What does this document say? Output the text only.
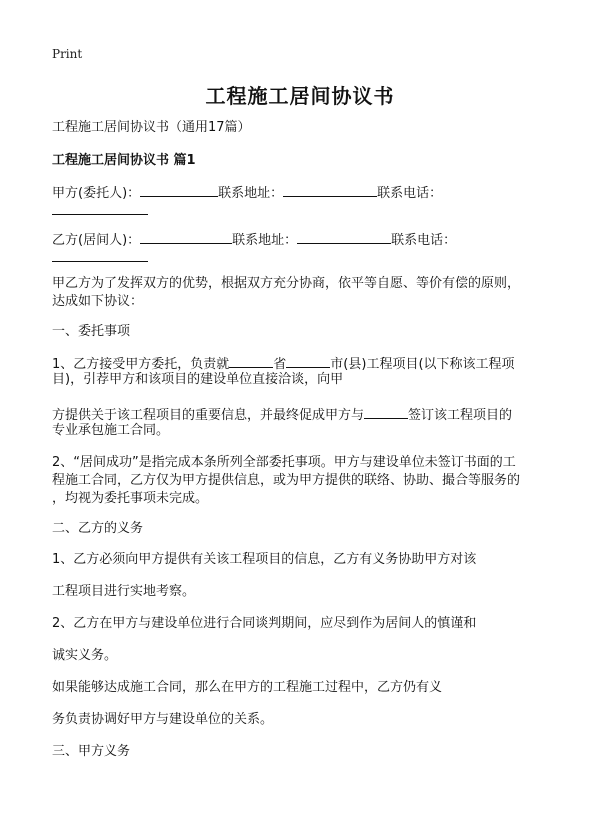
Print
工程施工居间协议书
工程施工居间协议书（通用17篇）
工程施工居间协议书 篇1
甲方(委托人)：	联系地址：	联系电话：
乙方(居间人)：	联系地址：	联系电话：
甲乙方为了发挥双方的优势，根据双方充分协商，依平等自愿、等价有偿的原则，
达成如下协议：
一、委托事项
1、乙方接受甲方委托，负责就	省	市(县)工程项目(以下称该工程项
目)，引荐甲方和该项目的建设单位直接洽谈，向甲
方提供关于该工程项目的重要信息，并最终促成甲方与	签订该工程项目的
专业承包施工合同。
2、“居间成功”是指完成本条所列全部委托事项。甲方与建设单位未签订书面的工
程施工合同，乙方仅为甲方提供信息，或为甲方提供的联络、协助、撮合等服务的
，均视为委托事项未完成。
二、乙方的义务
1、乙方必须向甲方提供有关该工程项目的信息，乙方有义务协助甲方对该
工程项目进行实地考察。
2、乙方在甲方与建设单位进行合同谈判期间，应尽到作为居间人的慎谨和
诚实义务。
如果能够达成施工合同，那么在甲方的工程施工过程中，乙方仍有义
务负责协调好甲方与建设单位的关系。
三、甲方义务
